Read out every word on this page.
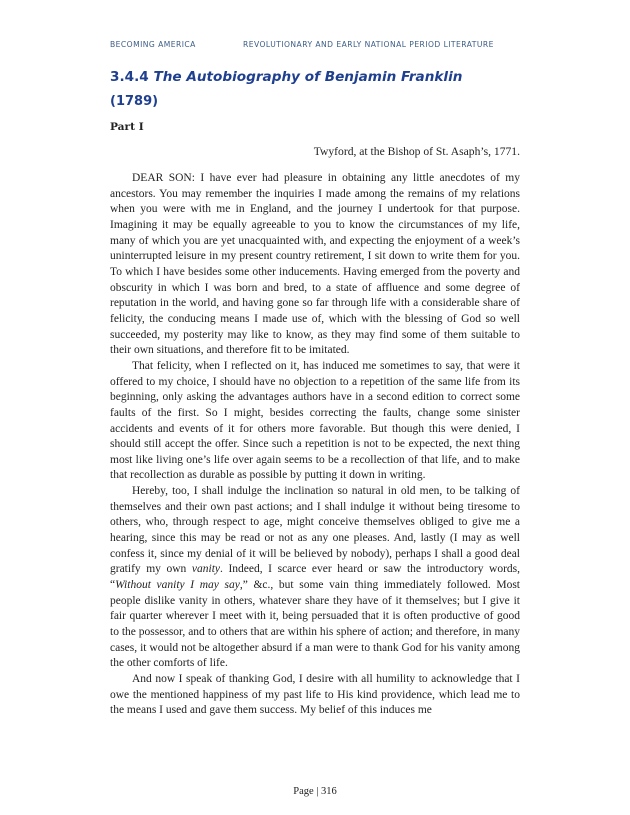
BECOMING AMERICA	REVOLUTIONARY AND EARLY NATIONAL PERIOD LITERATURE
3.4.4 The Autobiography of Benjamin Franklin
(1789)
Part I
Twyford, at the Bishop of St. Asaph’s, 1771.

DEAR SON: I have ever had pleasure in obtaining any little anecdotes of my ancestors. You may remember the inquiries I made among the remains of my relations when you were with me in England, and the journey I undertook for that purpose. Imagining it may be equally agreeable to you to know the circumstances of my life, many of which you are yet unacquainted with, and expecting the enjoyment of a week’s uninterrupted leisure in my present country retirement, I sit down to write them for you. To which I have besides some other inducements. Having emerged from the poverty and obscurity in which I was born and bred, to a state of affluence and some degree of reputation in the world, and having gone so far through life with a considerable share of felicity, the conducing means I made use of, which with the blessing of God so well succeeded, my posterity may like to know, as they may find some of them suitable to their own situations, and therefore fit to be imitated.

That felicity, when I reflected on it, has induced me sometimes to say, that were it offered to my choice, I should have no objection to a repetition of the same life from its beginning, only asking the advantages authors have in a second edition to correct some faults of the first. So I might, besides correcting the faults, change some sinister accidents and events of it for others more favorable. But though this were denied, I should still accept the offer. Since such a repetition is not to be expected, the next thing most like living one’s life over again seems to be a recollection of that life, and to make that recollection as durable as possible by putting it down in writing.

Hereby, too, I shall indulge the inclination so natural in old men, to be talking of themselves and their own past actions; and I shall indulge it without being tiresome to others, who, through respect to age, might conceive themselves obliged to give me a hearing, since this may be read or not as any one pleases. And, lastly (I may as well confess it, since my denial of it will be believed by nobody), perhaps I shall a good deal gratify my own vanity. Indeed, I scarce ever heard or saw the introductory words, “Without vanity I may say,” &c., but some vain thing immediately followed. Most people dislike vanity in others, whatever share they have of it themselves; but I give it fair quarter wherever I meet with it, being persuaded that it is often productive of good to the possessor, and to others that are within his sphere of action; and therefore, in many cases, it would not be altogether absurd if a man were to thank God for his vanity among the other comforts of life.

And now I speak of thanking God, I desire with all humility to acknowledge that I owe the mentioned happiness of my past life to His kind providence, which lead me to the means I used and gave them success. My belief of this induces me

Page | 316
